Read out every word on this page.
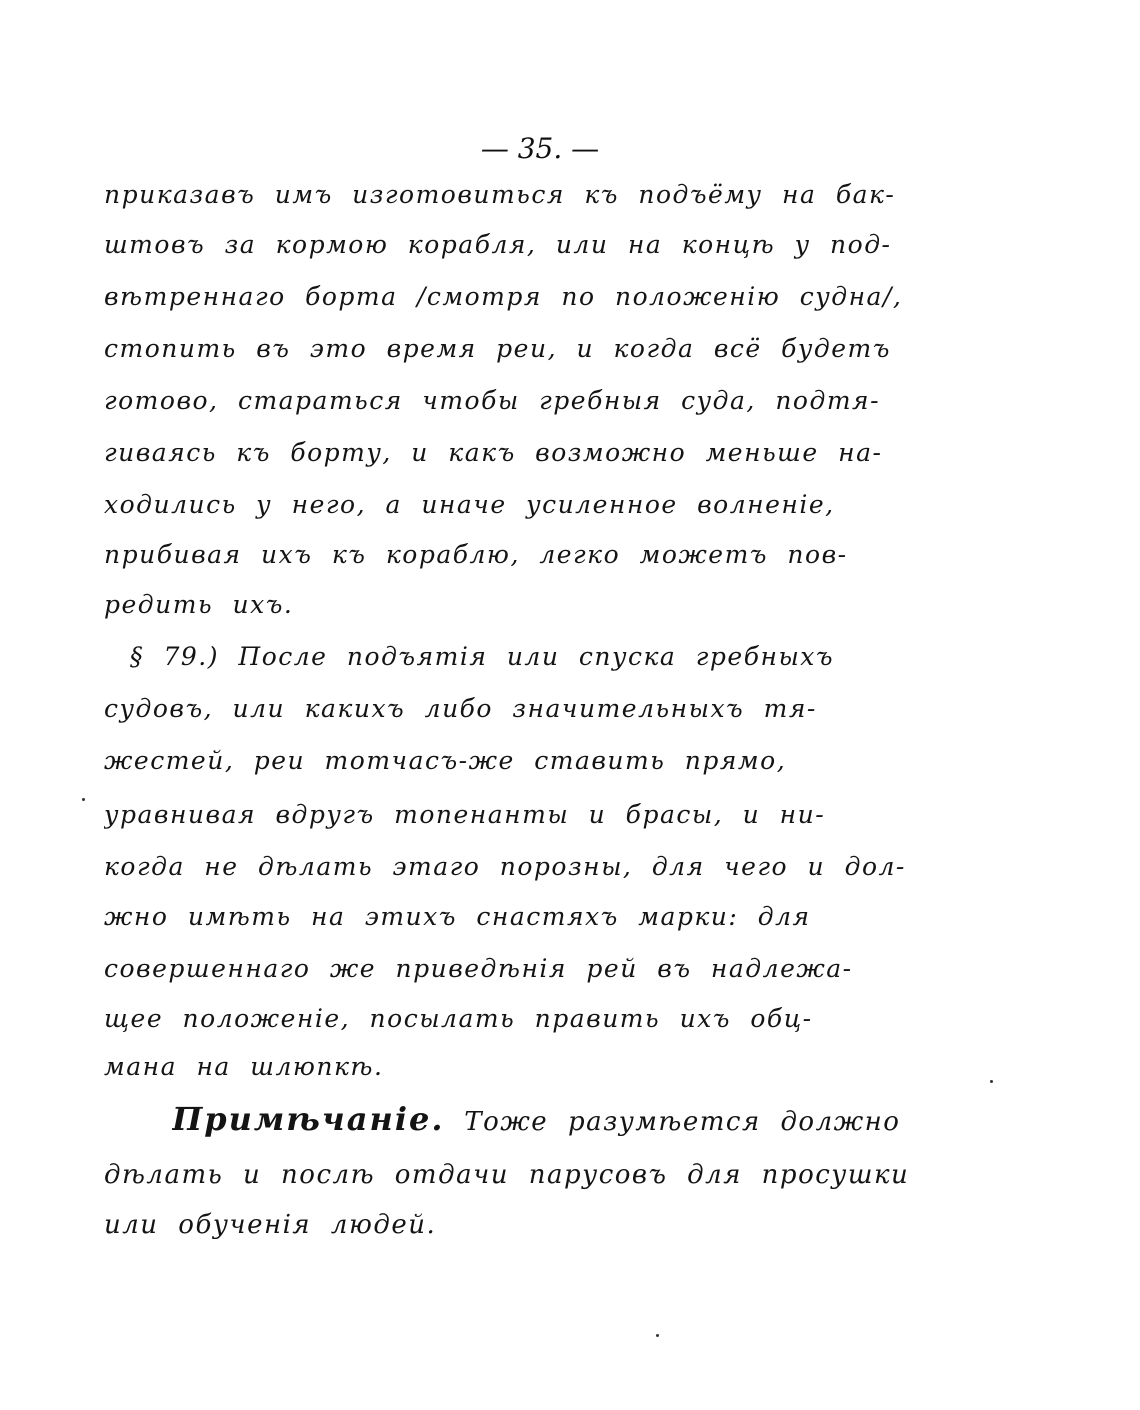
— 35. —
приказавъ имъ изготовиться къ подъёму на бак-
штовъ за кормою корабля, или на концѣ у под-
вѣтреннаго борта /смотря по положенію судна/,
стопить въ это время реи, и когда всё будетъ
готово, стараться чтобы гребныя суда, подтя-
гиваясь къ борту, и какъ возможно меньше на-
ходились у него, а иначе усиленное волненіе,
прибивая ихъ къ кораблю, легко можетъ пов-
редить ихъ.
§ 79.) После подъятія или спуска гребныхъ
судовъ, или какихъ либо значительныхъ тя-
жестей, реи тотчасъ-же ставить прямо,
уравнивая вдругъ топенанты и брасы, и ни-
когда не дѣлать этаго порозны, для чего и дол-
жно имѣть на этихъ снастяхъ марки: для
совершеннаго же приведѣнія рей въ надлежа-
щее положеніе, посылать править ихъ обц-
мана на шлюпкѣ.
Примѣчаніе. Тоже разумѣется должно
дѣлать и послѣ отдачи парусовъ для просушки
или обученія людей.
